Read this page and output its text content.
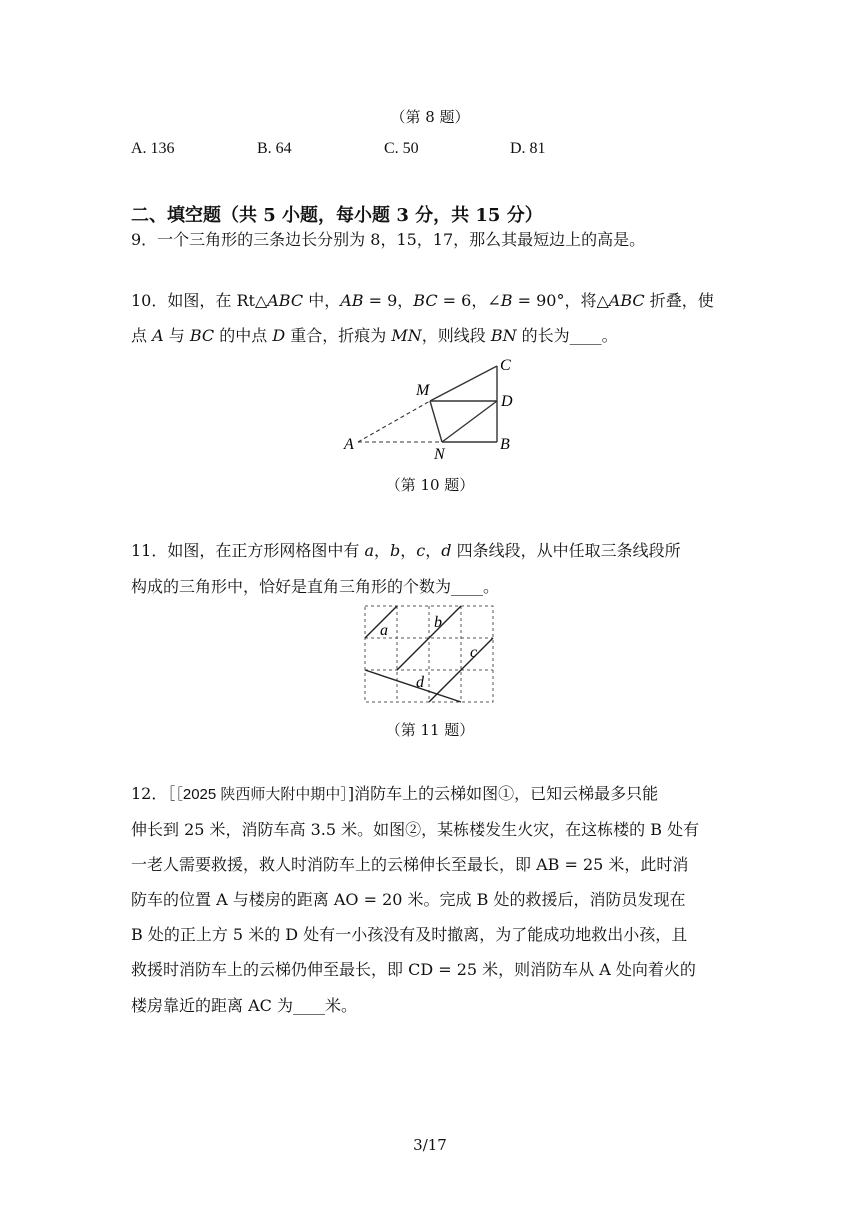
（第 8 题）
A. 136	B. 64	C. 50	D. 81
二、填空题（共 5 小题，每小题 3 分，共 15 分）
9．一个三角形的三条边长分别为 8，15，17，那么其最短边上的高是。
10．如图，在 Rt△ABC 中，AB = 9，BC = 6，∠B = 90°，将△ABC 折叠，使
点 A 与 BC 的中点 D 重合，折痕为 MN，则线段 BN 的长为____。
C
M
D
A
N
B
（第 10 题）
11．如图，在正方形网格图中有 a，b，c，d 四条线段，从中任取三条线段所
构成的三角形中，恰好是直角三角形的个数为____。
a	b
c
d
（第 11 题）
12．［［2025 陕西师大附中期中］]消防车上的云梯如图①，已知云梯最多只能
伸长到 25 米，消防车高 3.5 米。如图②，某栋楼发生火灾，在这栋楼的 B 处有
一老人需要救援，救人时消防车上的云梯伸长至最长，即 AB = 25 米，此时消
防车的位置 A 与楼房的距离 AO = 20 米。完成 B 处的救援后，消防员发现在
B 处的正上方 5 米的 D 处有一小孩没有及时撤离，为了能成功地救出小孩，且
救援时消防车上的云梯仍伸至最长，即 CD = 25 米，则消防车从 A 处向着火的
楼房靠近的距离 AC 为____米。
3/17
